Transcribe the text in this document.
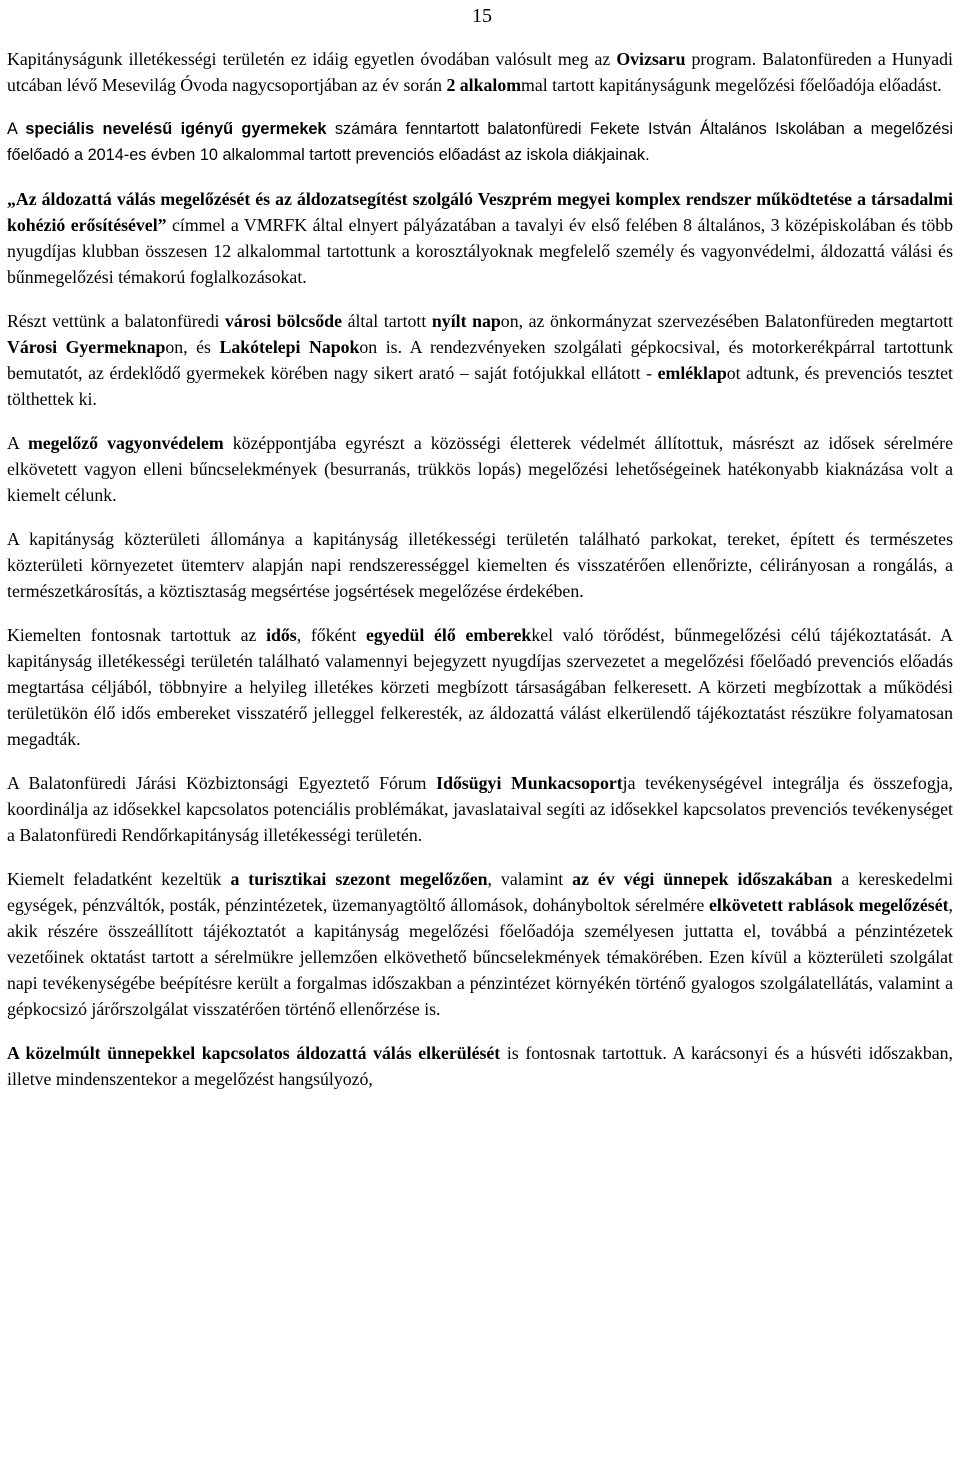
15

Kapitányságunk illetékességi területén ez idáig egyetlen óvodában valósult meg az Ovizsaru program. Balatonfüreden a Hunyadi utcában lévő Mesevilág Óvoda nagycsoportjában az év során 2 alkalommal tartott kapitányságunk megelőzési főelőadója előadást.

A speciális nevelésű igényű gyermekek számára fenntartott balatonfüredi Fekete István Általános Iskolában a megelőzési főelőadó a 2014-es évben 10 alkalommal tartott prevenciós előadást az iskola diákjainak.

„Az áldozattá válás megelőzését és az áldozatsegítést szolgáló Veszprém megyei komplex rendszer működtetése a társadalmi kohézió erősítésével” címmel a VMRFK által elnyert pályázatában a tavalyi év első felében 8 általános, 3 középiskolában és több nyugdíjas klubban összesen 12 alkalommal tartottunk a korosztályoknak megfelelő személy és vagyonvédelmi, áldozattá válási és bűnmegelőzési témakorú foglalkozásokat.

Részt vettünk a balatonfüredi városi bölcsőde által tartott nyílt napon, az önkormányzat szervezésében Balatonfüreden megtartott Városi Gyermeknapon, és Lakótelepi Napokon is. A rendezvényeken szolgálati gépkocsival, és motorkerékpárral tartottunk bemutatót, az érdeklődő gyermekek körében nagy sikert arató – saját fotójukkal ellátott - emléklapot adtunk, és prevenciós tesztet tölthettek ki.

A megelőző vagyonvédelem középpontjába egyrészt a közösségi életterek védelmét állítottuk, másrészt az idősek sérelmére elkövetett vagyon elleni bűncselekmények (besurranás, trükkös lopás) megelőzési lehetőségeinek hatékonyabb kiaknázása volt a kiemelt célunk.

A kapitányság közterületi állománya a kapitányság illetékességi területén található parkokat, tereket, épített és természetes közterületi környezetet ütemterv alapján napi rendszerességgel kiemelten és visszatérően ellenőrizte, célirányosan a rongálás, a természetkárosítás, a köztisztaság megsértése jogsértések megelőzése érdekében.

Kiemelten fontosnak tartottuk az idős, főként egyedül élő emberekkel való törődést, bűnmegelőzési célú tájékoztatását. A kapitányság illetékességi területén található valamennyi bejegyzett nyugdíjas szervezetet a megelőzési főelőadó prevenciós előadás megtartása céljából, többnyire a helyileg illetékes körzeti megbízott társaságában felkeresett. A körzeti megbízottak a működési területükön élő idős embereket visszatérő jelleggel felkeresték, az áldozattá válást elkerülendő tájékoztatást részükre folyamatosan megadták.

A Balatonfüredi Járási Közbiztonsági Egyeztető Fórum Idősügyi Munkacsoportja tevékenységével integrálja és összefogja, koordinálja az idősekkel kapcsolatos potenciális problémákat, javaslataival segíti az idősekkel kapcsolatos prevenciós tevékenységet a Balatonfüredi Rendőrkapitányság illetékességi területén.

Kiemelt feladatként kezeltük a turisztikai szezont megelőzően, valamint az év végi ünnepek időszakában a kereskedelmi egységek, pénzváltók, posták, pénzintézetek, üzemanyagtöltő állomások, dohányboltok sérelmére elkövetett rablások megelőzését, akik részére összeállított tájékoztatót a kapitányság megelőzési főelőadója személyesen juttatta el, továbbá a pénzintézetek vezetőinek oktatást tartott a sérelmükre jellemzően elkövethető bűncselekmények témakörében. Ezen kívül a közterületi szolgálat napi tevékenységébe beépítésre került a forgalmas időszakban a pénzintézet környékén történő gyalogos szolgálatellátás, valamint a gépkocsizó járőrszolgálat visszatérően történő ellenőrzése is.

A közelmúlt ünnepekkel kapcsolatos áldozattá válás elkerülését is fontosnak tartottuk. A karácsonyi és a húsvéti időszakban, illetve mindenszentekor a megelőzést hangsúlyozó,
